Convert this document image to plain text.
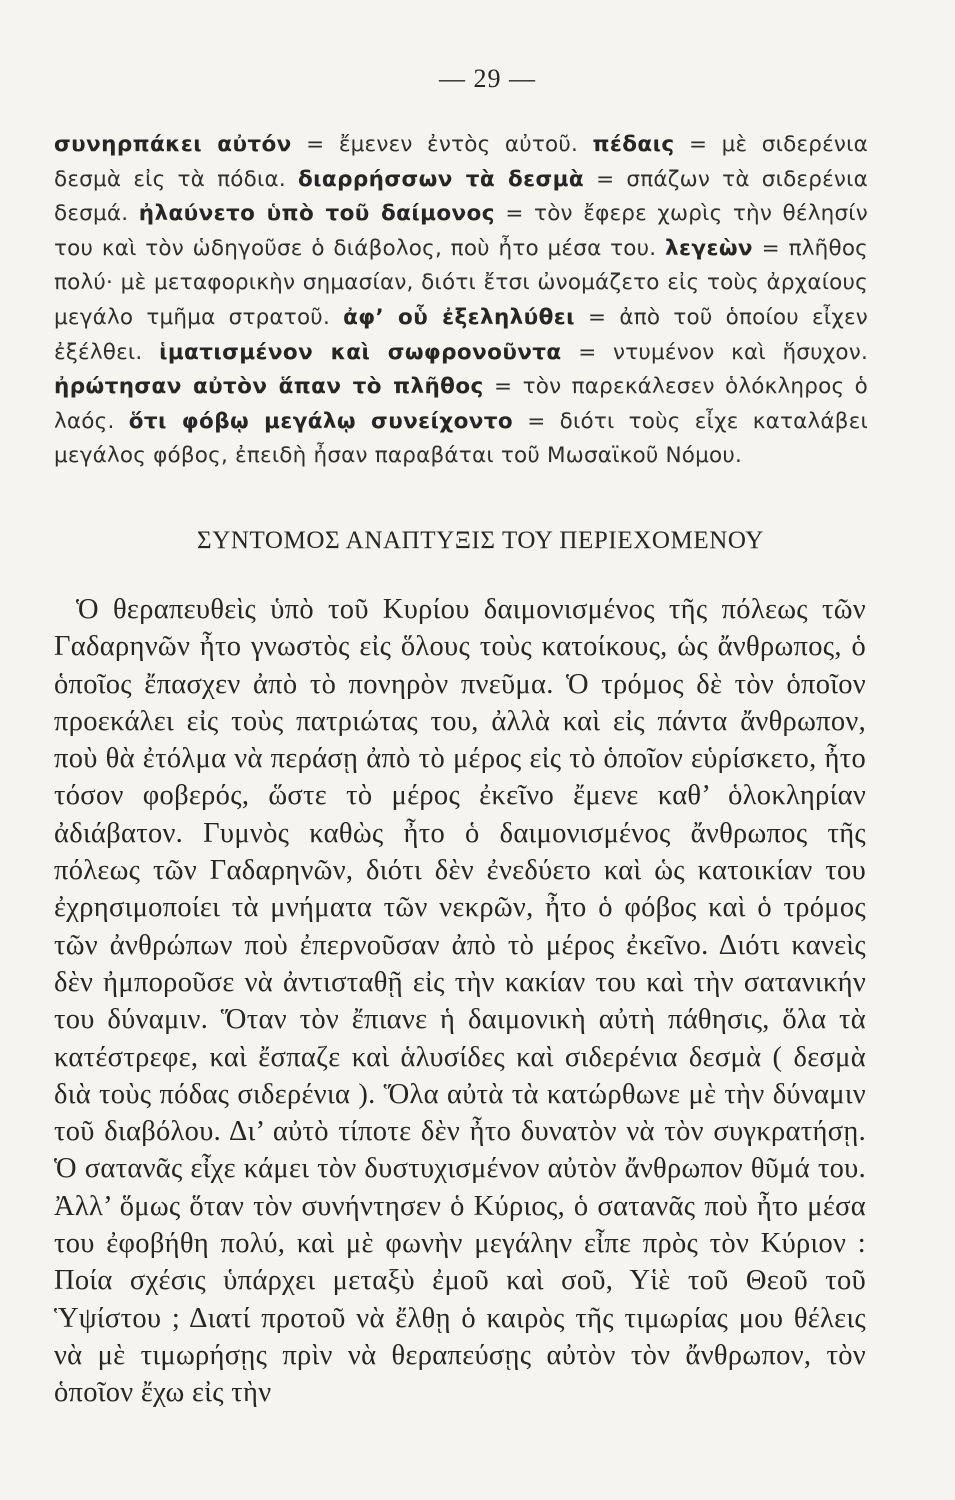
— 29 —

συνηρπάκει αὐτόν = ἔμενεν ἐντὸς αὐτοῦ. πέδαις = μὲ σιδερένια δεσμὰ εἰς τὰ πόδια. διαρρήσσων τὰ δεσμὰ = σπάζων τὰ σιδερένια δεσμά. ἠλαύνετο ὑπὸ τοῦ δαίμονος = τὸν ἔφερε χωρὶς τὴν θέλησίν του καὶ τὸν ὡδηγοῦσε ὁ διάβολος, ποὺ ἦτο μέσα του. λεγεὼν = πλῆθος πολύ· μὲ μεταφορικὴν σημασίαν, διότι ἔτσι ὠνομάζετο εἰς τοὺς ἀρχαίους μεγάλο τμῆμα στρατοῦ. ἀφ’ οὗ ἐξεληλύθει = ἀπὸ τοῦ ὁποίου εἶχεν ἐξέλθει. ἱματισμένον καὶ σωφρονοῦντα = ντυμένον καὶ ἥσυχον. ἠρώτησαν αὐτὸν ἅπαν τὸ πλῆθος = τὸν παρεκάλεσεν ὁλόκληρος ὁ λαός. ὅτι φόβῳ μεγάλῳ συνείχοντο = διότι τοὺς εἶχε καταλάβει μεγάλος φόβος, ἐπειδὴ ἦσαν παραβάται τοῦ Μωσαϊκοῦ Νόμου.

ΣΥΝΤΟΜΟΣ ΑΝΑΠΤΥΞΙΣ ΤΟΥ ΠΕΡΙΕΧΟΜΕΝΟΥ

Ὁ θεραπευθεὶς ὑπὸ τοῦ Κυρίου δαιμονισμένος τῆς πόλεως τῶν Γαδαρηνῶν ἦτο γνωστὸς εἰς ὅλους τοὺς κατοίκους, ὡς ἄνθρωπος, ὁ ὁποῖος ἔπασχεν ἀπὸ τὸ πονηρὸν πνεῦμα. Ὁ τρόμος δὲ τὸν ὁποῖον προεκάλει εἰς τοὺς πατριώτας του, ἀλλὰ καὶ εἰς πάντα ἄνθρωπον, ποὺ θὰ ἐτόλμα νὰ περάσῃ ἀπὸ τὸ μέρος εἰς τὸ ὁποῖον εὑρίσκετο, ἦτο τόσον φοβερός, ὥστε τὸ μέρος ἐκεῖνο ἔμενε καθ’ ὁλοκληρίαν ἀδιάβατον. Γυμνὸς καθὼς ἦτο ὁ δαιμονισμένος ἄνθρωπος τῆς πόλεως τῶν Γαδαρηνῶν, διότι δὲν ἐνεδύετο καὶ ὡς κατοικίαν του ἐχρησιμοποίει τὰ μνήματα τῶν νεκρῶν, ἦτο ὁ φόβος καὶ ὁ τρόμος τῶν ἀνθρώπων ποὺ ἐπερνοῦσαν ἀπὸ τὸ μέρος ἐκεῖνο. Διότι κανεὶς δὲν ἠμποροῦσε νὰ ἀντισταθῇ εἰς τὴν κακίαν του καὶ τὴν σατανικήν του δύναμιν. Ὅταν τὸν ἔπιανε ἡ δαιμονικὴ αὐτὴ πάθησις, ὅλα τὰ κατέστρεφε, καὶ ἔσπαζε καὶ ἁλυσίδες καὶ σιδερένια δεσμὰ ( δεσμὰ διὰ τοὺς πόδας σιδερένια ). Ὅλα αὐτὰ τὰ κατώρθωνε μὲ τὴν δύναμιν τοῦ διαβόλου. Δι’ αὐτὸ τίποτε δὲν ἦτο δυνατὸν νὰ τὸν συγκρατήσῃ. Ὁ σατανᾶς εἶχε κάμει τὸν δυστυχισμένον αὐτὸν ἄνθρωπον θῦμά του. Ἀλλ’ ὅμως ὅταν τὸν συνήντησεν ὁ Κύριος, ὁ σατανᾶς ποὺ ἦτο μέσα του ἐφοβήθη πολύ, καὶ μὲ φωνὴν μεγάλην εἶπε πρὸς τὸν Κύριον : Ποία σχέσις ὑπάρχει μεταξὺ ἐμοῦ καὶ σοῦ, Υἱὲ τοῦ Θεοῦ τοῦ Ὑψίστου ; Διατί προτοῦ νὰ ἔλθῃ ὁ καιρὸς τῆς τιμωρίας μου θέλεις νὰ μὲ τιμωρήσῃς πρὶν νὰ θεραπεύσῃς αὐτὸν τὸν ἄνθρωπον, τὸν ὁποῖον ἔχω εἰς τὴν
